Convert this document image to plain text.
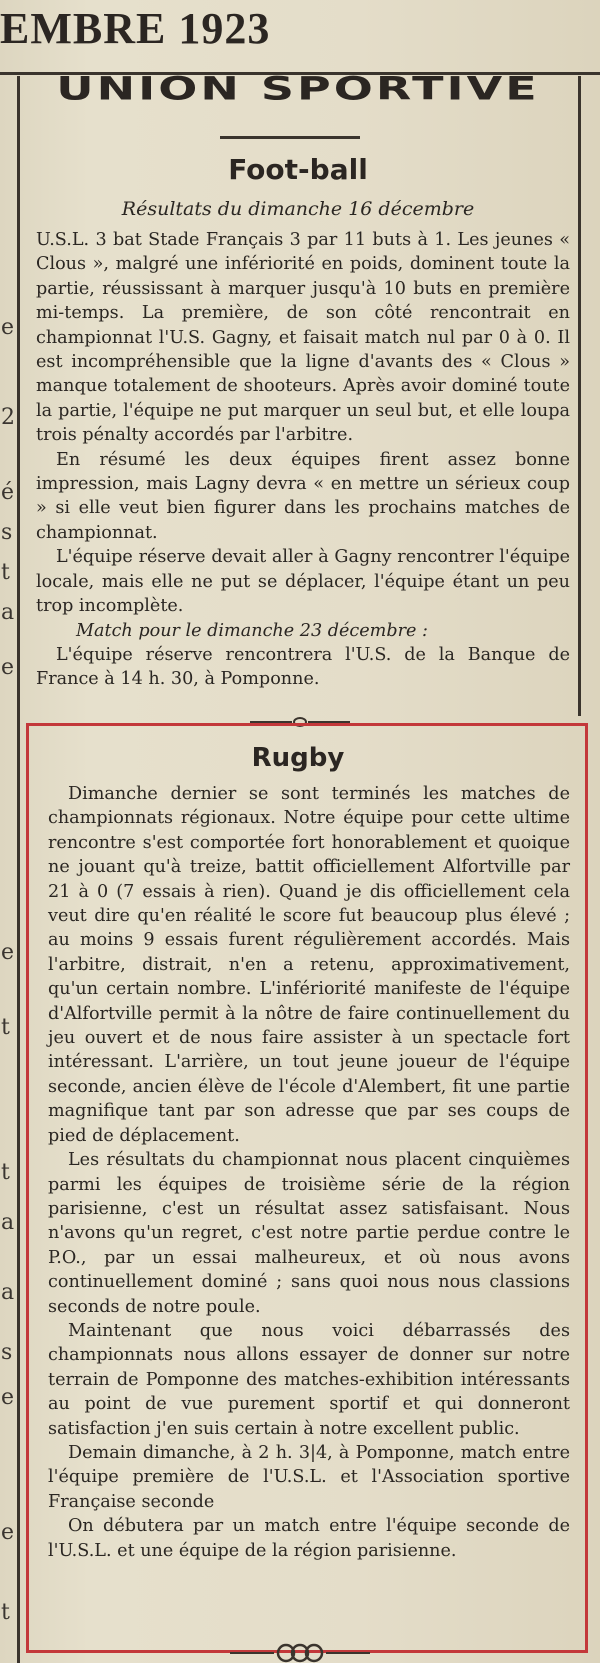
EMBRE 1923
e
2
é
s
t
a
e
e
t
t
a
a
s
e
e
t
UNION SPORTIVE
Foot-ball
Résultats du dimanche 16 décembre

U.S.L. 3 bat Stade Français 3 par 11 buts à 1. Les jeunes « Clous », malgré une infériorité en poids, dominent toute la partie, réussissant à marquer jusqu'à 10 buts en première mi-temps. La première, de son côté rencontrait en championnat l'U.S. Gagny, et faisait match nul par 0 à 0. Il est incompréhensible que la ligne d'avants des « Clous » manque totalement de shooteurs. Après avoir dominé toute la partie, l'équipe ne put marquer un seul but, et elle loupa trois pénalty accordés par l'arbitre.

En résumé les deux équipes firent assez bonne impression, mais Lagny devra « en mettre un sérieux coup » si elle veut bien figurer dans les prochains matches de championnat.

L'équipe réserve devait aller à Gagny rencontrer l'équipe locale, mais elle ne put se déplacer, l'équipe étant un peu trop incomplète.

Match pour le dimanche 23 décembre :

L'équipe réserve rencontrera l'U.S. de la Banque de France à 14 h. 30, à Pomponne.

Rugby

Dimanche dernier se sont terminés les matches de championnats régionaux. Notre équipe pour cette ultime rencontre s'est comportée fort honorablement et quoique ne jouant qu'à treize, battit officiellement Alfortville par 21 à 0 (7 essais à rien). Quand je dis officiellement cela veut dire qu'en réalité le score fut beaucoup plus élevé ; au moins 9 essais furent régulièrement accordés. Mais l'arbitre, distrait, n'en a retenu, approximativement, qu'un certain nombre. L'infériorité manifeste de l'équipe d'Alfortville permit à la nôtre de faire continuellement du jeu ouvert et de nous faire assister à un spectacle fort intéressant. L'arrière, un tout jeune joueur de l'équipe seconde, ancien élève de l'école d'Alembert, fit une partie magnifique tant par son adresse que par ses coups de pied de déplacement.

Les résultats du championnat nous placent cinquièmes parmi les équipes de troisième série de la région parisienne, c'est un résultat assez satisfaisant. Nous n'avons qu'un regret, c'est notre partie perdue contre le P.O., par un essai malheureux, et où nous avons continuellement dominé ; sans quoi nous nous classions seconds de notre poule.

Maintenant que nous voici débarrassés des championnats nous allons essayer de donner sur notre terrain de Pomponne des matches-exhibition intéressants au point de vue purement sportif et qui donneront satisfaction j'en suis certain à notre excellent public.

Demain dimanche, à 2 h. 3|4, à Pomponne, match entre l'équipe première de l'U.S.L. et l'Association sportive Française seconde

On débutera par un match entre l'équipe seconde de l'U.S.L. et une équipe de la région parisienne.
